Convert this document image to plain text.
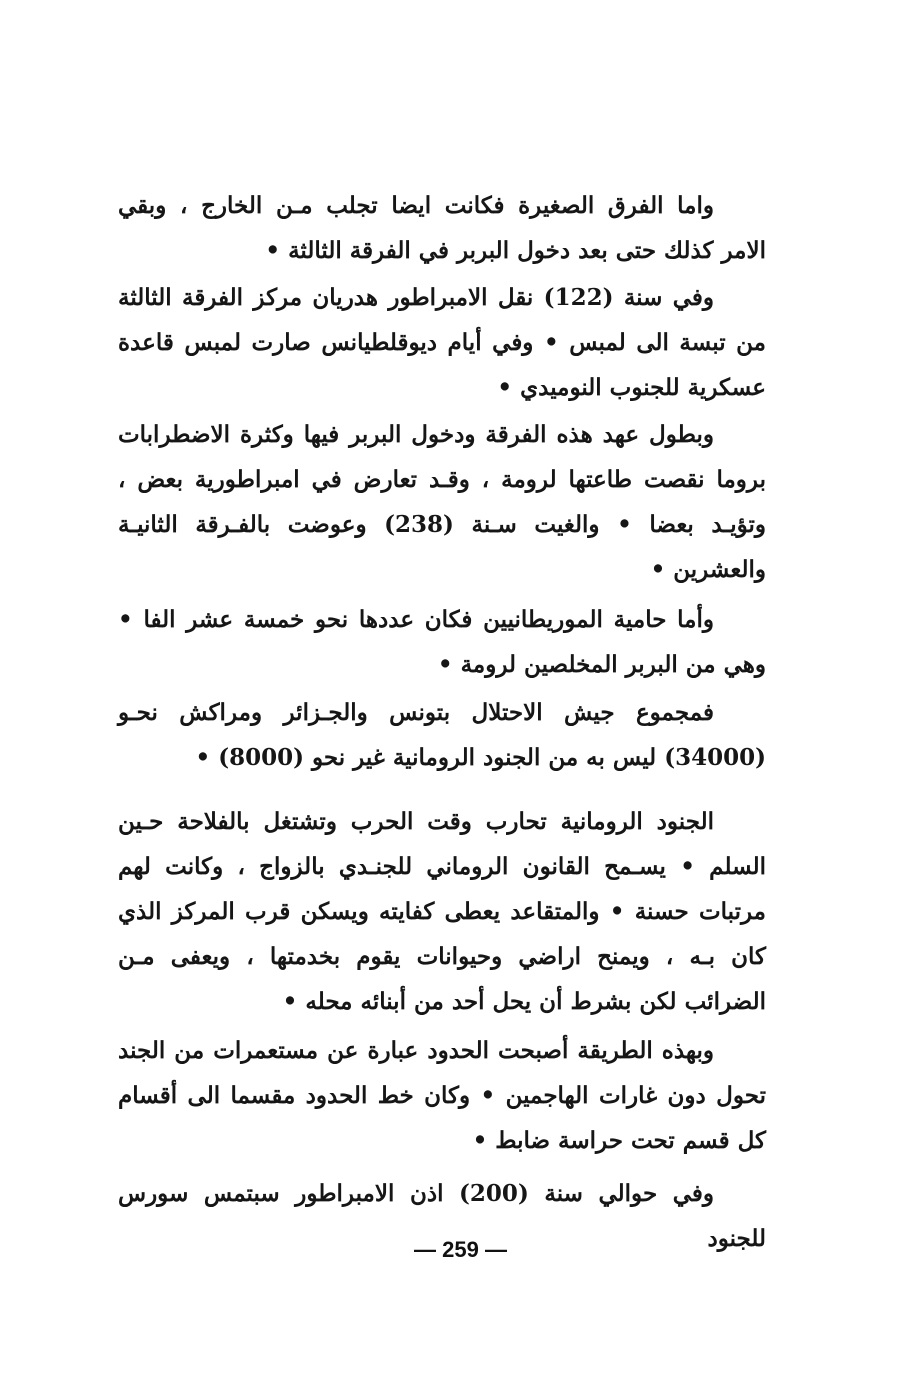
واما الفرق الصغيرة فكانت ايضا تجلب مـن الخارج ، وبقي الامر كذلك حتى بعد دخول البربر في الفرقة الثالثة •

وفي سنة (122) نقل الامبراطور هدريان مركز الفرقة الثالثة من تبسة الى لمبس • وفي أيام ديوقلطيانس صارت لمبس قاعدة عسكرية للجنوب النوميدي •

وبطول عهد هذه الفرقة ودخول البربر فيها وكثرة الاضطرابات بروما نقصت طاعتها لرومة ، وقـد تعارض في امبراطورية بعض ، وتؤيـد بعضا • والغيت سـنة (238) وعوضت بالفـرقة الثانيـة والعشرين •

وأما حامية الموريطانيين فكان عددها نحو خمسة عشر الفا • وهي من البربر المخلصين لرومة •

فمجموع جيش الاحتلال بتونس والجـزائر ومراكش نحـو (34000) ليس به من الجنود الرومانية غير نحو (8000) •

الجنود الرومانية تحارب وقت الحرب وتشتغل بالفلاحة حـين السلم • يسـمح القانون الروماني للجنـدي بالزواج ، وكانت لهم مرتبات حسنة • والمتقاعد يعطى كفايته ويسكن قرب المركز الذي كان بـه ، ويمنح اراضي وحيوانات يقوم بخدمتها ، ويعفى مـن الضرائب لكن بشرط أن يحل أحد من أبنائه محله •

وبهذه الطريقة أصبحت الحدود عبارة عن مستعمرات من الجند تحول دون غارات الهاجمين • وكان خط الحدود مقسما الى أقسام كل قسم تحت حراسة ضابط •

وفي حوالي سنة (200) اذن الامبراطور سبتمس سورس للجنود

— 259 —
